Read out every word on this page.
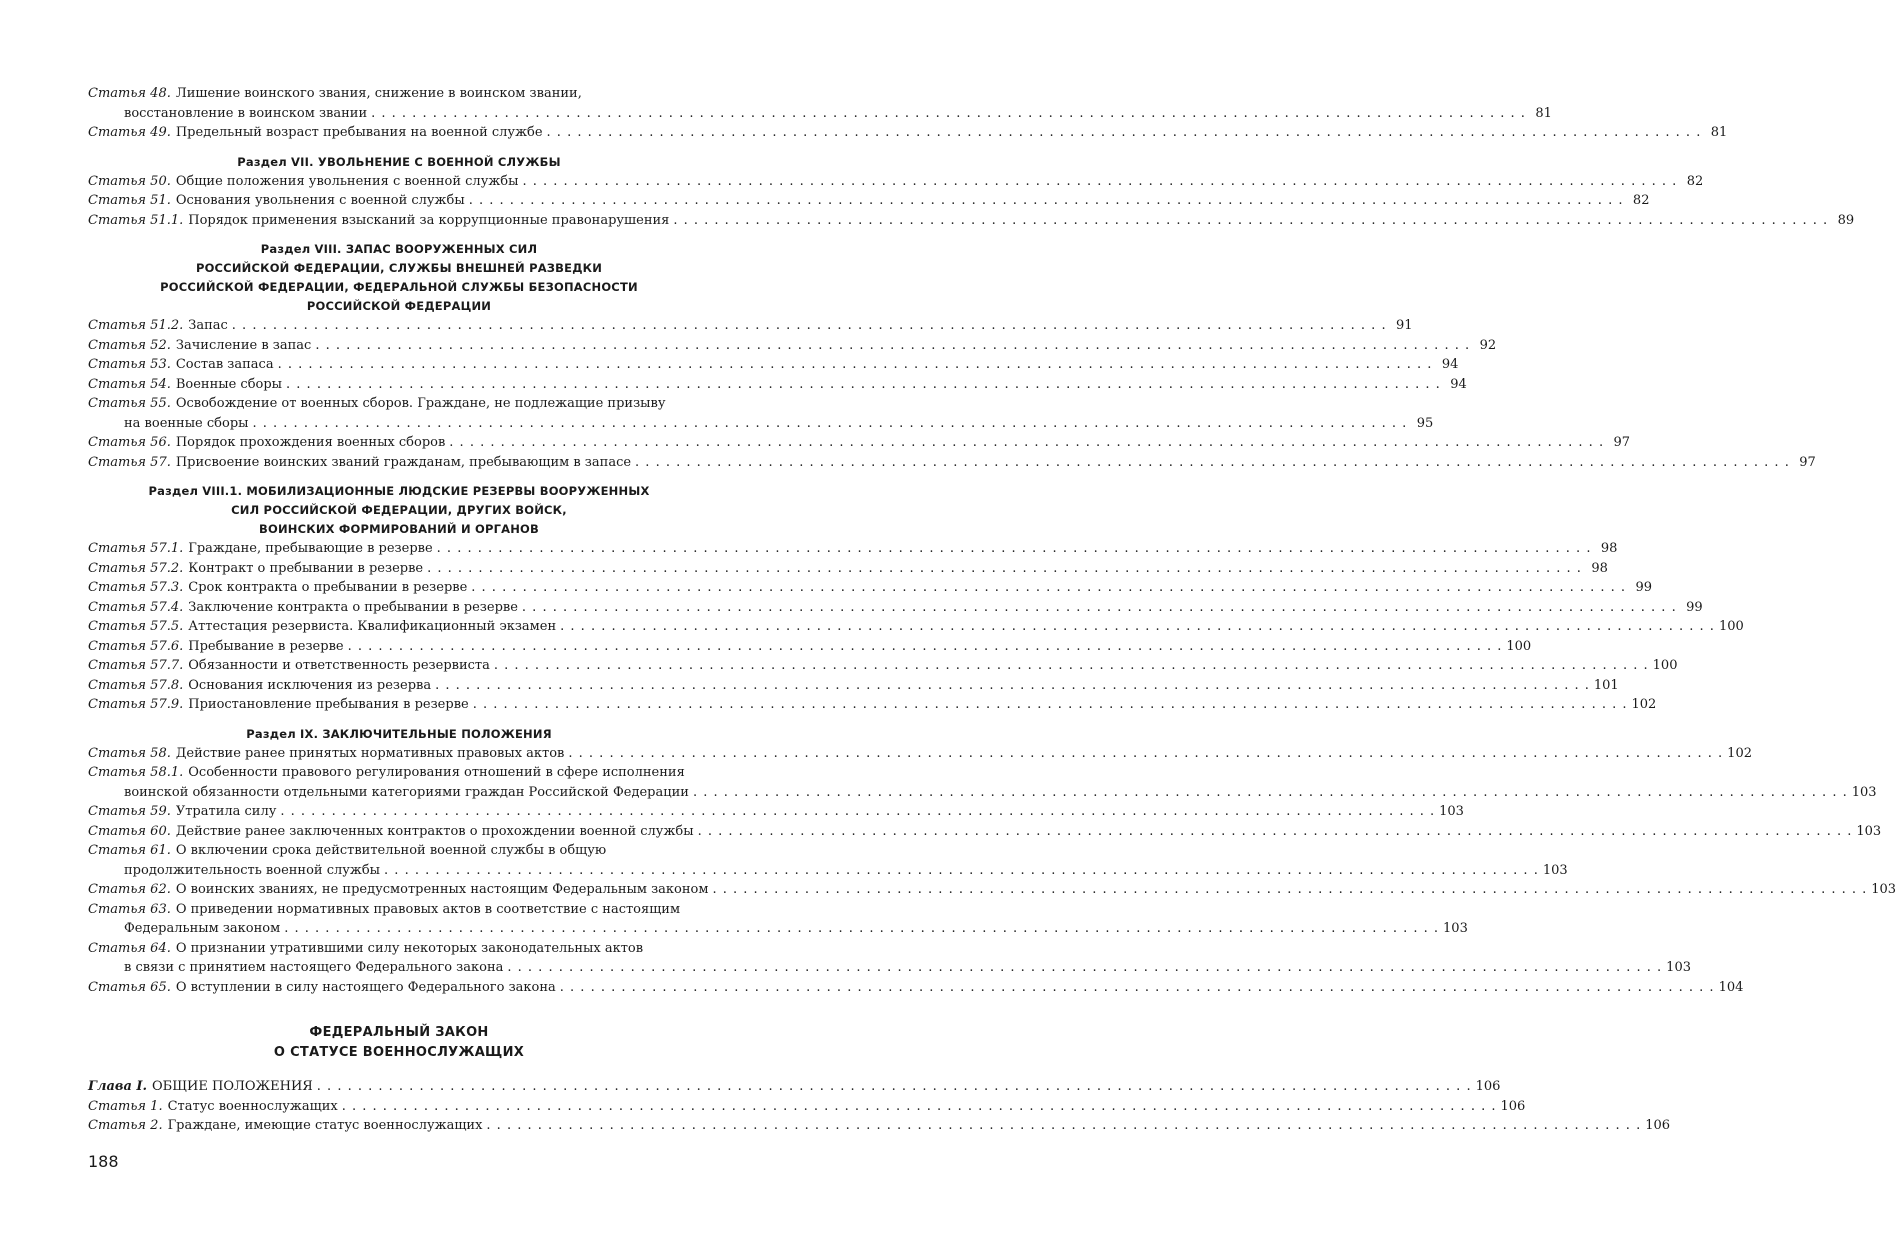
Статья 48. Лишение воинского звания, снижение в воинском звании,
восстановление в воинском звании . . .	81
Статья 49. Предельный возраст пребывания на военной службе . . .	81
Раздел VII. УВОЛЬНЕНИЕ С ВОЕННОЙ СЛУЖБЫ
Статья 50. Общие положения увольнения с военной службы . . .	82
Статья 51. Основания увольнения с военной службы . . .	82
Статья 51.1. Порядок применения взысканий за коррупционные правонарушения . . .	89
Раздел VIII. ЗАПАС ВООРУЖЕННЫХ СИЛ
РОССИЙСКОЙ ФЕДЕРАЦИИ, СЛУЖБЫ ВНЕШНЕЙ РАЗВЕДКИ
РОССИЙСКОЙ ФЕДЕРАЦИИ, ФЕДЕРАЛЬНОЙ СЛУЖБЫ БЕЗОПАСНОСТИ
РОССИЙСКОЙ ФЕДЕРАЦИИ
Статья 51.2. Запас . . .	91
Статья 52. Зачисление в запас . . .	92
Статья 53. Состав запаса . . .	94
Статья 54. Военные сборы . . .	94
Статья 55. Освобождение от военных сборов. Граждане, не подлежащие призыву
на военные сборы . . .	95
Статья 56. Порядок прохождения военных сборов . . .	97
Статья 57. Присвоение воинских званий гражданам, пребывающим в запасе . . .	97
Раздел VIII.1. МОБИЛИЗАЦИОННЫЕ ЛЮДСКИЕ РЕЗЕРВЫ ВООРУЖЕННЫХ
СИЛ РОССИЙСКОЙ ФЕДЕРАЦИИ, ДРУГИХ ВОЙСК,
ВОИНСКИХ ФОРМИРОВАНИЙ И ОРГАНОВ
Статья 57.1. Граждане, пребывающие в резерве . . .	98
Статья 57.2. Контракт о пребывании в резерве . . .	98
Статья 57.3. Срок контракта о пребывании в резерве . . .	99
Статья 57.4. Заключение контракта о пребывании в резерве . . .	99
Статья 57.5. Аттестация резервиста. Квалификационный экзамен . . .	100
Статья 57.6. Пребывание в резерве . . .	100
Статья 57.7. Обязанности и ответственность резервиста . . .	100
Статья 57.8. Основания исключения из резерва . . .	101
Статья 57.9. Приостановление пребывания в резерве . . .	102
Раздел IX. ЗАКЛЮЧИТЕЛЬНЫЕ ПОЛОЖЕНИЯ
Статья 58. Действие ранее принятых нормативных правовых актов . . .	102
Статья 58.1. Особенности правового регулирования отношений в сфере исполнения
воинской обязанности отдельными категориями граждан Российской Федерации . . .	103
Статья 59. Утратила силу . . .	103
Статья 60. Действие ранее заключенных контрактов о прохождении военной службы . . .	103
Статья 61. О включении срока действительной военной службы в общую
продолжительность военной службы . . .	103
Статья 62. О воинских званиях, не предусмотренных настоящим Федеральным законом . . .	103
Статья 63. О приведении нормативных правовых актов в соответствие с настоящим
Федеральным законом . . .	103
Статья 64. О признании утратившими силу некоторых законодательных актов
в связи с принятием настоящего Федерального закона . . .	103
Статья 65. О вступлении в силу настоящего Федерального закона . . .	104
ФЕДЕРАЛЬНЫЙ ЗАКОН
О СТАТУСЕ ВОЕННОСЛУЖАЩИХ
Глава I. ОБЩИЕ ПОЛОЖЕНИЯ . . .	106
Статья 1. Статус военнослужащих . . .	106
Статья 2. Граждане, имеющие статус военнослужащих . . .	106
188
